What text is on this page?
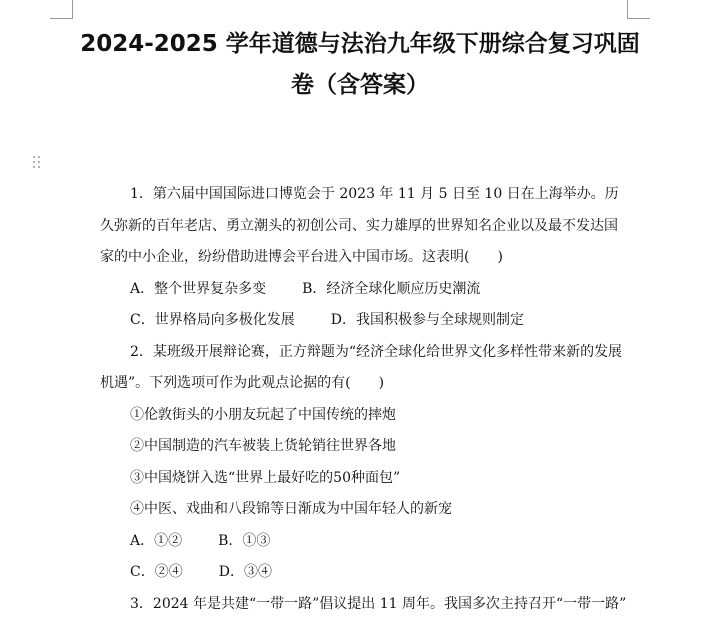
2024-2025 学年道德与法治九年级下册综合复习巩固卷（含答案）

1．第六届中国国际进口博览会于 2023 年 11 月 5 日至 10 日在上海举办。历久弥新的百年老店、勇立潮头的初创公司、实力雄厚的世界知名企业以及最不发达国家的中小企业，纷纷借助进博会平台进入中国市场。这表明(　　)

A．整个世界复杂多变	B．经济全球化顺应历史潮流
C．世界格局向多极化发展	D．我国积极参与全球规则制定

2．某班级开展辩论赛，正方辩题为“经济全球化给世界文化多样性带来新的发展机遇”。下列选项可作为此观点论据的有(　　)

①伦敦街头的小朋友玩起了中国传统的摔炮
②中国制造的汽车被装上货轮销往世界各地
③中国烧饼入选“世界上最好吃的50种面包”
④中医、戏曲和八段锦等日渐成为中国年轻人的新宠
A．①②	B．①③
C．②④	D．③④

3．2024 年是共建“一带一路”倡议提出 11 周年。我国多次主持召开“一带一路”
